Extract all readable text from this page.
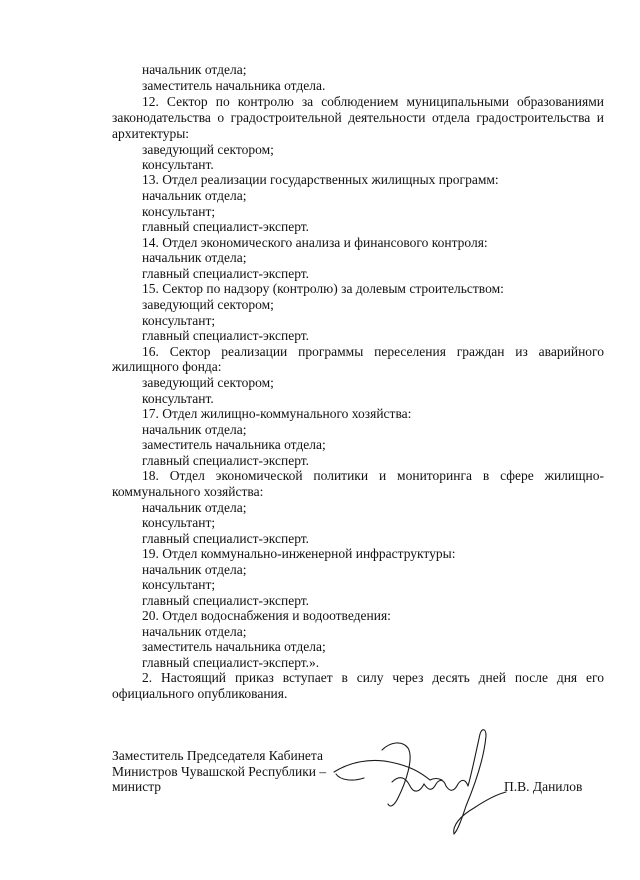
начальник отдела;
заместитель начальника отдела.
12. Сектор по контролю за соблюдением муниципальными образованиями
законодательства о градостроительной деятельности отдела градостроительства и
архитектуры:
заведующий сектором;
консультант.
13. Отдел реализации государственных жилищных программ:
начальник отдела;
консультант;
главный специалист-эксперт.
14. Отдел экономического анализа и финансового контроля:
начальник отдела;
главный специалист-эксперт.
15. Сектор по надзору (контролю) за долевым строительством:
заведующий сектором;
консультант;
главный специалист-эксперт.
16. Сектор реализации программы переселения граждан из аварийного
жилищного фонда:
заведующий сектором;
консультант.
17. Отдел жилищно-коммунального хозяйства:
начальник отдела;
заместитель начальника отдела;
главный специалист-эксперт.
18. Отдел экономической политики и мониторинга в сфере жилищно-
коммунального хозяйства:
начальник отдела;
консультант;
главный специалист-эксперт.
19. Отдел коммунально-инженерной инфраструктуры:
начальник отдела;
консультант;
главный специалист-эксперт.
20. Отдел водоснабжения и водоотведения:
начальник отдела;
заместитель начальника отдела;
главный специалист-эксперт.».
2. Настоящий приказ вступает в силу через десять дней после дня его
официального опубликования.
Заместитель Председателя Кабинета
Министров Чувашской Республики –
министр	П.В. Данилов
